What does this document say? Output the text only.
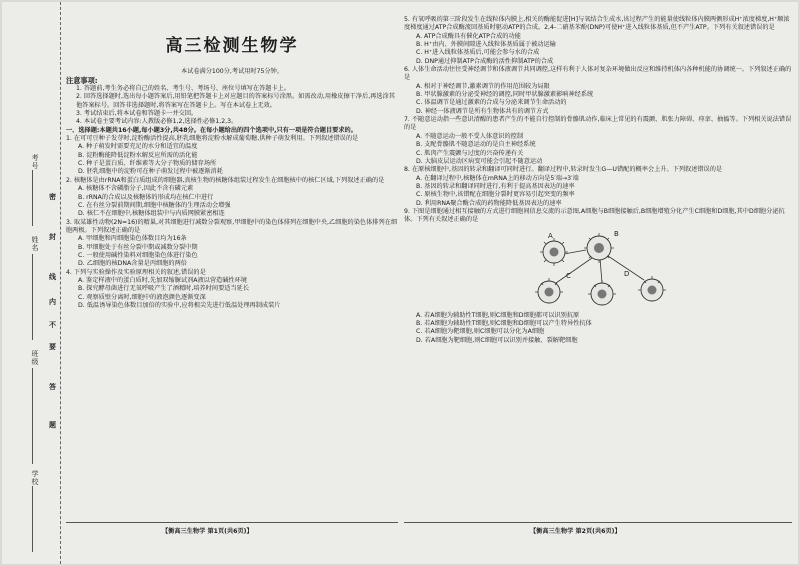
学校
班级
姓名
考号
密
封
线
内
不
要
答
题
高三检测生物学

本试卷满分100分,考试用时75分钟。

注意事项:

1. 答题前,考生务必将自己的姓名、考生号、考场号、座位号填写在答题卡上。

2. 回答选择题时,选出每小题答案后,用铅笔把答题卡上对应题目的答案标号涂黑。如需改动,用橡皮擦干净后,再选涂其他答案标号。回答非选择题时,将答案写在答题卡上。写在本试卷上无效。

3. 考试结束后,将本试卷和答题卡一并交回。

4. 本试卷主要考试内容:人教版必修1,2,选择性必修1,2,3。

一、选择题:本题共16小题,每小题3分,共48分。在每小题给出的四个选项中,只有一项是符合题目要求的。

1. 在可可豆种子发芽时,淀粉酶活性提高,胚乳细胞将淀粉水解成葡萄糖,供种子萌发利用。下列叙述错误的是

A. 种子萌发时需要充足的水分和适宜的温度

B. 淀粉酶能降低淀粉水解反应所需的活化能

C. 种子是蛋白质、纤维素等大分子物质的储存场所

D. 胚乳细胞中的淀粉可在种子萌发过程中被逐渐消耗

2. 核糖体是由rRNA和蛋白质组成的细胞器,真核生物的核糖体组装过程发生在细胞核中的核仁区域,下列叙述正确的是

A. 核糖体不含磷脂分子,因此不含有磷元素

B. rRNA的合成以及核糖体的形成均在核仁中进行

C. 在有丝分裂前期间期,细胞中核糖体的生理活动会增强

D. 核仁不在细胞中,核糖体组装中与内质网膜紧密相连

3. 取某雄性动物(2N=16)的精巢,对其细胞进行减数分裂观察,甲细胞中的染色体排列在细胞中央,乙细胞的染色体排列在细胞两极。下列叙述正确的是

A. 甲细胞和丙细胞染色体数目均为16条

B. 甲细胞处于有丝分裂中期或减数分裂中期

C. 一般使用碱性染料对细胞染色体进行染色

D. 乙细胞的核DNA含量是丙细胞的两倍

4. 下列与实验操作及实验原理相关的叙述,错误的是

A. 鉴定样液中的蛋白质时,先加双缩脲试剂A液以营造碱性环境

B. 探究酵母菌进行无氧呼吸产生了酒精时,培养时间要适当延长

C. 观察质壁分离时,细胞中的液泡颜色逐渐变深

D. 低温诱导染色体数目加倍的实验中,应将根尖先进行低温处理再制成装片

5. 有氧呼吸的第三阶段发生在线粒体内膜上,相关的酶能促进[H]与氧结合生成水,该过程产生的能量使线粒体内膜两侧形成H⁺浓度梯度,H⁺顺浓度梯度通过ATP合成酶流回基质时驱动ATP的合成。2,4-二硝基苯酚(DNP)可使H⁺进入线粒体基质,但不产生ATP。下列有关叙述错误的是

A. ATP合成酶具有催化ATP合成的功能

B. H⁺由内、外膜间隙进入线粒体基质属于被动运输

C. H⁺进入线粒体基质后,可能会参与水的合成

D. DNP通过抑制ATP合成酶的活性抑制ATP的合成

6. 人体生命活动往往受神经调节和体液调节共同调控,这样有利于人体对复杂环境做出反应和维持机体内各种机能的协调统一。下列叙述正确的是

A. 相对于神经调节,激素调节的作用范围较为局限

B. 甲状腺激素的分泌受神经的调控,同时甲状腺激素影响神经系统

C. 体温调节是通过激素的合成与分泌来调节生命活动的

D. 神经一体液调节是所有生物体共有的调节方式

7. 不随意运动指一些意识清醒的患者产生的不能自行控制的骨骼肌动作,临床上常见的有震颤、肌张力障碍、痉挛、抽搐等。下列相关说法错误的是

A. 不随意运动一般不受人体意识的控制

B. 支配骨骼肌不随意运动的是自主神经系统

C. 肌肉产生震颤与过度的兴奋传递有关

D. 大脑皮层运动区病变可能会引起不随意运动

8. 在原核细胞中,基因的转录和翻译可同时进行。翻译过程中,转录时发生G—U错配的概率会上升。下列叙述错误的是

A. 在翻译过程中,核糖体在mRNA上的移动方向是5′端→3′端

B. 基因的转录和翻译同时进行,有利于提高基因表达的速率

C. 原核生物中,该错配在细胞分裂时更容易引起突变的频率

D. 利用RNA聚合酶合成的药物能降低基因表达的速率

9. 下图是细胞通过相互接触的方式进行细胞间信息交流的示意图,A细胞与B细胞接触后,B细胞增殖分化产生C细胞和D细胞,其中D细胞分泌抗体。下列有关叙述正确的是

A	B
C	D

A. 若A细胞为辅助性T细胞,则C细胞和D细胞都可以识别抗原

B. 若A细胞为辅助性T细胞,则C细胞和D细胞可以产生特异性抗体

C. 若A细胞为靶细胞,则C细胞可以分化为A细胞

D. 若A细胞为靶细胞,则C细胞可以识别并接触、裂解靶细胞

【衡高三生物学 第1页(共6页)】	【衡高三生物学 第2页(共6页)】
